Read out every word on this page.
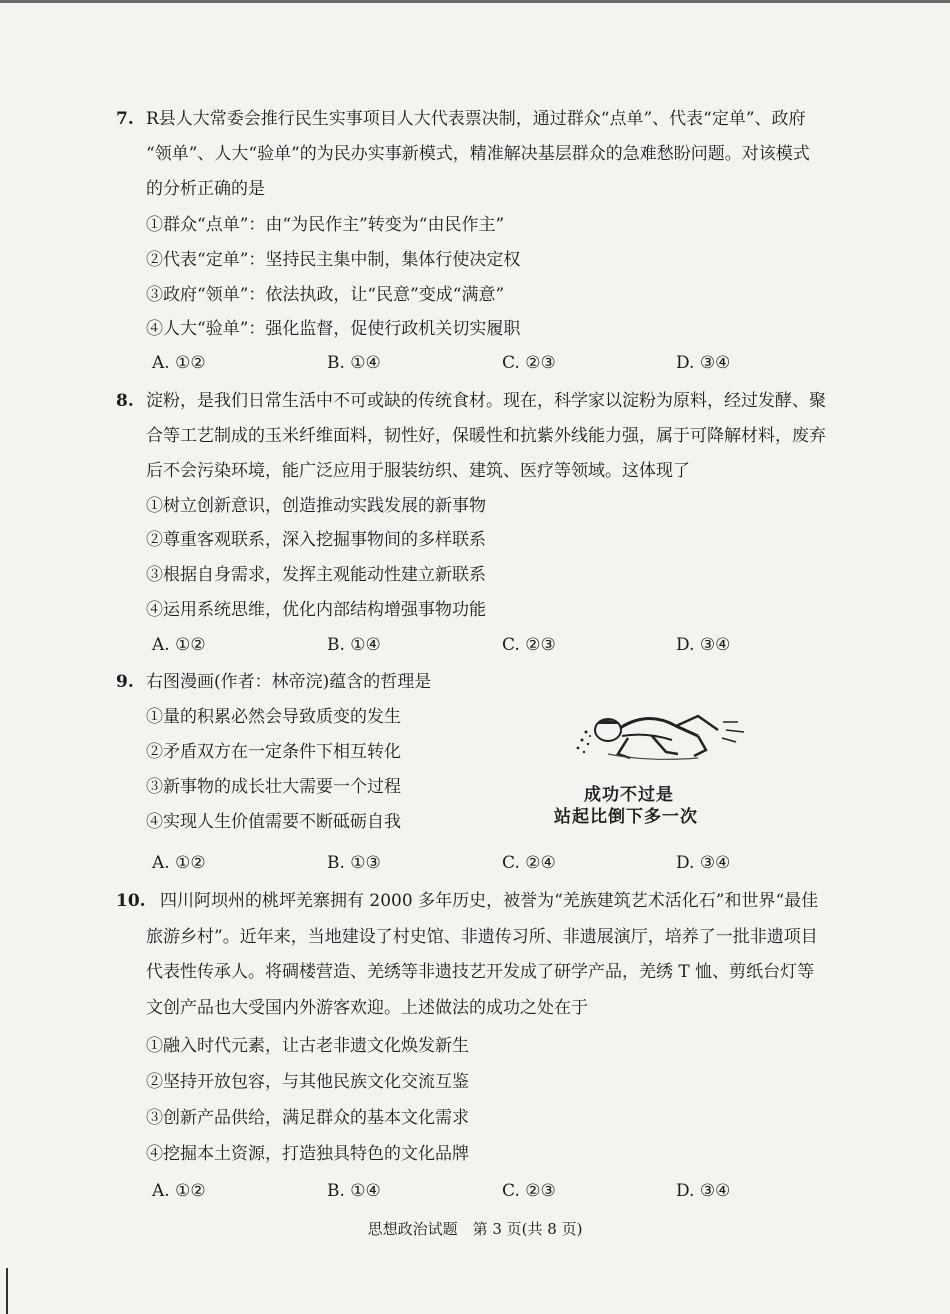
7. R县人大常委会推行民生实事项目人大代表票决制，通过群众“点单”、代表“定单”、政府
“领单”、人大“验单”的为民办实事新模式，精准解决基层群众的急难愁盼问题。对该模式
的分析正确的是
①群众“点单”：由“为民作主”转变为“由民作主”
②代表“定单”：坚持民主集中制，集体行使决定权
③政府“领单”：依法执政，让“民意”变成“满意”
④人大“验单”：强化监督，促使行政机关切实履职
A. ①②	B. ①④	C. ②③	D. ③④
8. 淀粉，是我们日常生活中不可或缺的传统食材。现在，科学家以淀粉为原料，经过发酵、聚
合等工艺制成的玉米纤维面料，韧性好，保暖性和抗紫外线能力强，属于可降解材料，废弃
后不会污染环境，能广泛应用于服装纺织、建筑、医疗等领域。这体现了
①树立创新意识，创造推动实践发展的新事物
②尊重客观联系，深入挖掘事物间的多样联系
③根据自身需求，发挥主观能动性建立新联系
④运用系统思维，优化内部结构增强事物功能
A. ①②	B. ①④	C. ②③	D. ③④
9. 右图漫画(作者：林帝浣)蕴含的哲理是
①量的积累必然会导致质变的发生
②矛盾双方在一定条件下相互转化
③新事物的成长壮大需要一个过程
④实现人生价值需要不断砥砺自我
成功不过是
站起比倒下多一次
A. ①②	B. ①③	C. ②④	D. ③④
10. 四川阿坝州的桃坪羌寨拥有 2000 多年历史，被誉为“羌族建筑艺术活化石”和世界“最佳
旅游乡村”。近年来，当地建设了村史馆、非遗传习所、非遗展演厅，培养了一批非遗项目
代表性传承人。将碉楼营造、羌绣等非遗技艺开发成了研学产品，羌绣 T 恤、剪纸台灯等
文创产品也大受国内外游客欢迎。上述做法的成功之处在于
①融入时代元素，让古老非遗文化焕发新生
②坚持开放包容，与其他民族文化交流互鉴
③创新产品供给，满足群众的基本文化需求
④挖掘本土资源，打造独具特色的文化品牌
A. ①②	B. ①④	C. ②③	D. ③④
思想政治试题　第 3 页(共 8 页)
